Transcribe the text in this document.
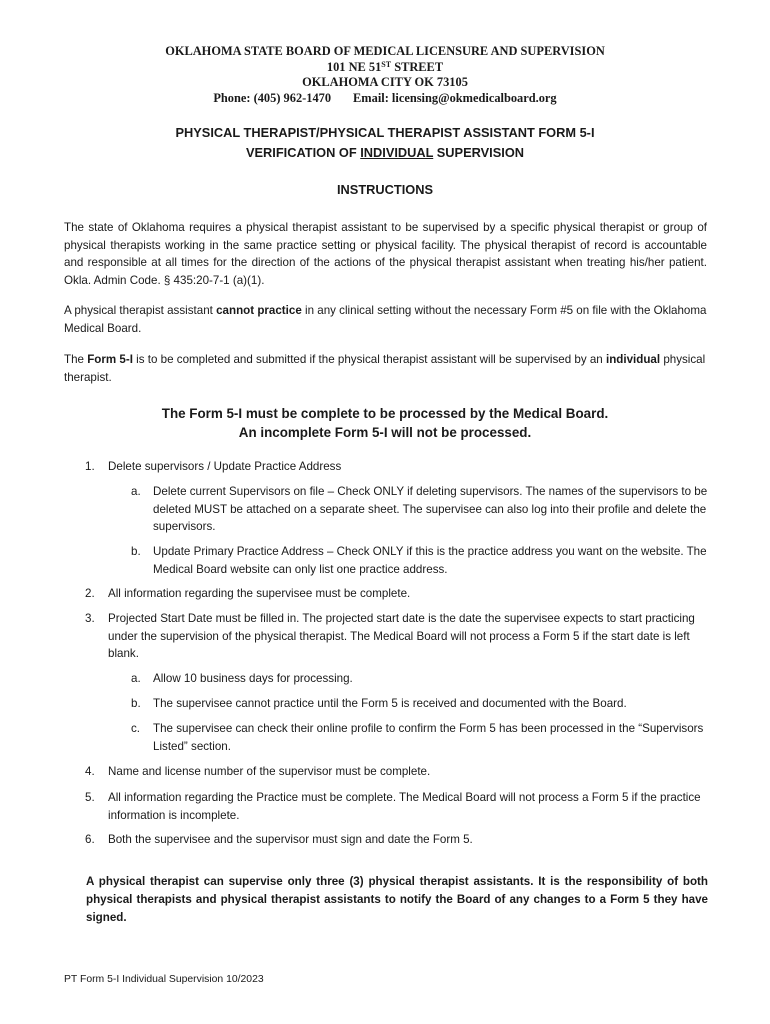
OKLAHOMA STATE BOARD OF MEDICAL LICENSURE AND SUPERVISION
101 NE 51ST STREET
OKLAHOMA CITY OK 73105
Phone: (405) 962-1470 Email: licensing@okmedicalboard.org
PHYSICAL THERAPIST/PHYSICAL THERAPIST ASSISTANT FORM 5-I
VERIFICATION OF INDIVIDUAL SUPERVISION
INSTRUCTIONS

The state of Oklahoma requires a physical therapist assistant to be supervised by a specific physical therapist or group of physical therapists working in the same practice setting or physical facility. The physical therapist of record is accountable and responsible at all times for the direction of the actions of the physical therapist assistant when treating his/her patient. Okla. Admin Code. § 435:20-7-1 (a)(1).

A physical therapist assistant cannot practice in any clinical setting without the necessary Form #5 on file with the Oklahoma Medical Board.

The Form 5-I is to be completed and submitted if the physical therapist assistant will be supervised by an individual physical therapist.

The Form 5-I must be complete to be processed by the Medical Board.
An incomplete Form 5-I will not be processed.
1.	Delete supervisors / Update Practice Address
a.	Delete current Supervisors on file – Check ONLY if deleting supervisors. The names of the supervisors to be deleted MUST be attached on a separate sheet. The supervisee can also log into their profile and delete the supervisors.
b.	Update Primary Practice Address – Check ONLY if this is the practice address you want on the website. The Medical Board website can only list one practice address.
2.	All information regarding the supervisee must be complete.
3.	Projected Start Date must be filled in. The projected start date is the date the supervisee expects to start practicing under the supervision of the physical therapist. The Medical Board will not process a Form 5 if the start date is left blank.
a.	Allow 10 business days for processing.
b.	The supervisee cannot practice until the Form 5 is received and documented with the Board.
c.	The supervisee can check their online profile to confirm the Form 5 has been processed in the “Supervisors Listed” section.
4.	Name and license number of the supervisor must be complete.
5.	All information regarding the Practice must be complete. The Medical Board will not process a Form 5 if the practice information is incomplete.
6.	Both the supervisee and the supervisor must sign and date the Form 5.

A physical therapist can supervise only three (3) physical therapist assistants. It is the responsibility of both physical therapists and physical therapist assistants to notify the Board of any changes to a Form 5 they have signed.

PT Form 5-I Individual Supervision 10/2023
